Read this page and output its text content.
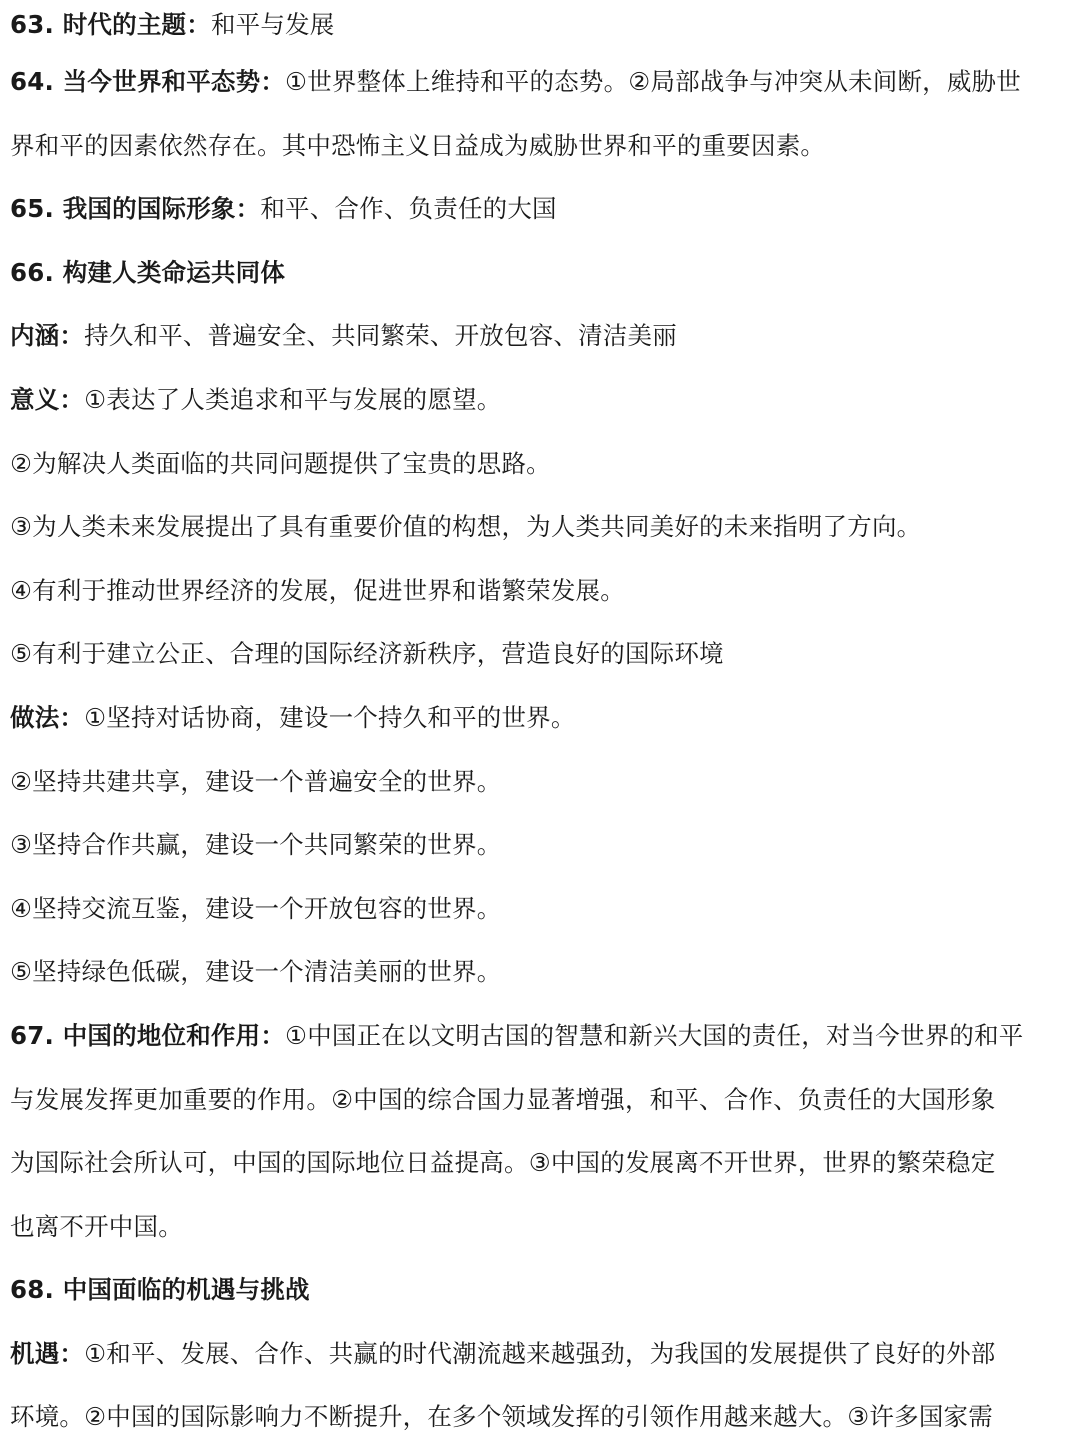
63. 时代的主题：和平与发展
64. 当今世界和平态势：①世界整体上维持和平的态势。②局部战争与冲突从未间断，威胁世
界和平的因素依然存在。其中恐怖主义日益成为威胁世界和平的重要因素。
65. 我国的国际形象：和平、合作、负责任的大国
66. 构建人类命运共同体
内涵：持久和平、普遍安全、共同繁荣、开放包容、清洁美丽
意义：①表达了人类追求和平与发展的愿望。
②为解决人类面临的共同问题提供了宝贵的思路。
③为人类未来发展提出了具有重要价值的构想，为人类共同美好的未来指明了方向。
④有利于推动世界经济的发展，促进世界和谐繁荣发展。
⑤有利于建立公正、合理的国际经济新秩序，营造良好的国际环境
做法：①坚持对话协商，建设一个持久和平的世界。
②坚持共建共享，建设一个普遍安全的世界。
③坚持合作共赢，建设一个共同繁荣的世界。
④坚持交流互鉴，建设一个开放包容的世界。
⑤坚持绿色低碳，建设一个清洁美丽的世界。
67. 中国的地位和作用：①中国正在以文明古国的智慧和新兴大国的责任，对当今世界的和平
与发展发挥更加重要的作用。②中国的综合国力显著增强，和平、合作、负责任的大国形象
为国际社会所认可，中国的国际地位日益提高。③中国的发展离不开世界，世界的繁荣稳定
也离不开中国。
68. 中国面临的机遇与挑战
机遇：①和平、发展、合作、共赢的时代潮流越来越强劲，为我国的发展提供了良好的外部
环境。②中国的国际影响力不断提升，在多个领域发挥的引领作用越来越大。③许多国家需
